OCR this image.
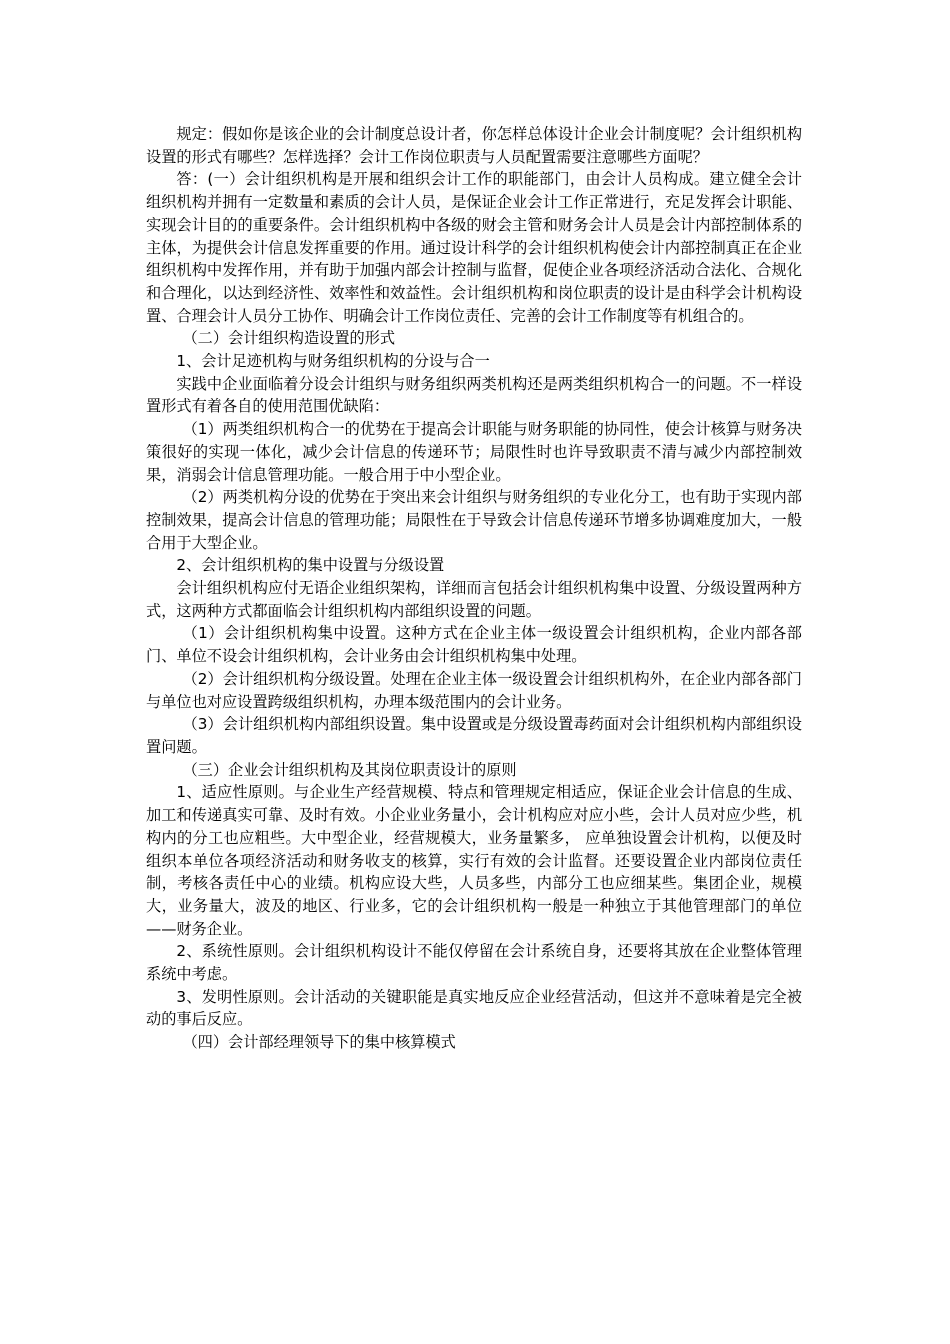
规定：假如你是该企业的会计制度总设计者，你怎样总体设计企业会计制度呢？会计组织机构设置的形式有哪些？怎样选择？会计工作岗位职责与人员配置需要注意哪些方面呢？

答：(一）会计组织机构是开展和组织会计工作的职能部门，由会计人员构成。建立健全会计组织机构并拥有一定数量和素质的会计人员，是保证企业会计工作正常进行，充足发挥会计职能、实现会计目的的重要条件。会计组织机构中各级的财会主管和财务会计人员是会计内部控制体系的主体，为提供会计信息发挥重要的作用。通过设计科学的会计组织机构使会计内部控制真正在企业组织机构中发挥作用，并有助于加强内部会计控制与监督，促使企业各项经济活动合法化、合规化和合理化，以达到经济性、效率性和效益性。会计组织机构和岗位职责的设计是由科学会计机构设置、合理会计人员分工协作、明确会计工作岗位责任、完善的会计工作制度等有机组合的。

（二）会计组织构造设置的形式

1、会计足迹机构与财务组织机构的分设与合一

实践中企业面临着分设会计组织与财务组织两类机构还是两类组织机构合一的问题。不一样设置形式有着各自的使用范围优缺陷：

（1）两类组织机构合一的优势在于提高会计职能与财务职能的协同性，使会计核算与财务决策很好的实现一体化，减少会计信息的传递环节；局限性时也许导致职责不清与减少内部控制效果，消弱会计信息管理功能。一般合用于中小型企业。

（2）两类机构分设的优势在于突出来会计组织与财务组织的专业化分工，也有助于实现内部控制效果，提高会计信息的管理功能；局限性在于导致会计信息传递环节增多协调难度加大，一般合用于大型企业。

2、会计组织机构的集中设置与分级设置

会计组织机构应付无语企业组织架构，详细而言包括会计组织机构集中设置、分级设置两种方式，这两种方式都面临会计组织机构内部组织设置的问题。

（1）会计组织机构集中设置。这种方式在企业主体一级设置会计组织机构，企业内部各部门、单位不设会计组织机构，会计业务由会计组织机构集中处理。

（2）会计组织机构分级设置。处理在企业主体一级设置会计组织机构外，在企业内部各部门与单位也对应设置跨级组织机构，办理本级范围内的会计业务。

（3）会计组织机构内部组织设置。集中设置或是分级设置毒药面对会计组织机构内部组织设置问题。

（三）企业会计组织机构及其岗位职责设计的原则

1、适应性原则。与企业生产经营规模、特点和管理规定相适应，保证企业会计信息的生成、加工和传递真实可靠、及时有效。小企业业务量小，会计机构应对应小些，会计人员对应少些，机构内的分工也应粗些。大中型企业，经营规模大，业务量繁多， 应单独设置会计机构，以便及时组织本单位各项经济活动和财务收支的核算，实行有效的会计监督。还要设置企业内部岗位责任制，考核各责任中心的业绩。机构应设大些，人员多些，内部分工也应细某些。集团企业，规模大，业务量大，波及的地区、行业多，它的会计组织机构一般是一种独立于其他管理部门的单位——财务企业。

2、系统性原则。会计组织机构设计不能仅停留在会计系统自身，还要将其放在企业整体管理系统中考虑。

3、发明性原则。会计活动的关键职能是真实地反应企业经营活动，但这并不意味着是完全被动的事后反应。

（四）会计部经理领导下的集中核算模式
